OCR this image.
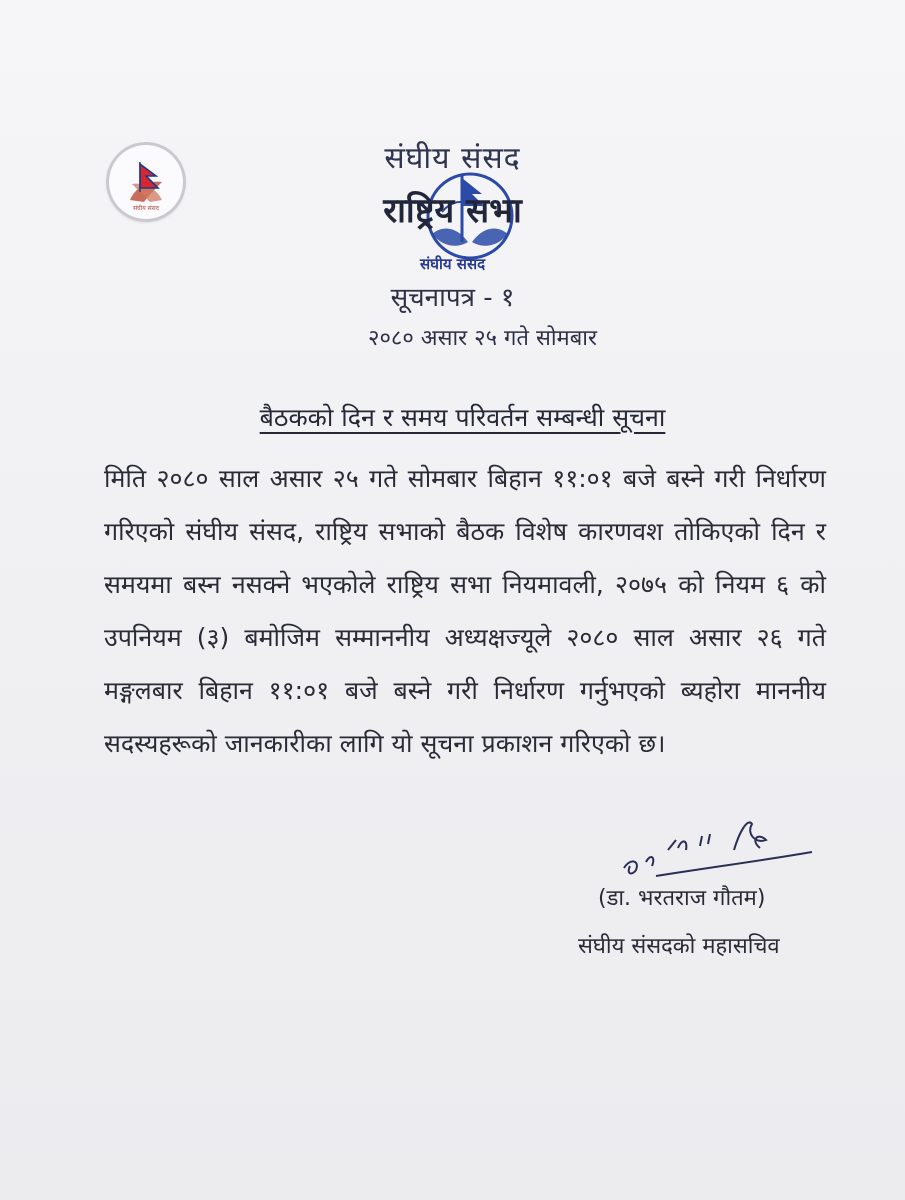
संघीय संसद
संघीय संसद
राष्ट्रिय सभा
संघीय संसद
सूचनापत्र - १
२०८० असार २५ गते सोमबार
बैठकको दिन र समय परिवर्तन सम्बन्धी सूचना
मिति २०८० साल असार २५ गते सोमबार बिहान ११:०१ बजे बस्ने गरी निर्धारण गरिएको संघीय संसद, राष्ट्रिय सभाको बैठक विशेष कारणवश तोकिएको दिन र समयमा बस्न नसक्ने भएकोले राष्ट्रिय सभा नियमावली, २०७५ को नियम ६ को उपनियम (३) बमोजिम सम्माननीय अध्यक्षज्यूले २०८० साल असार २६ गते मङ्गलबार बिहान ११:०१ बजे बस्ने गरी निर्धारण गर्नुभएको ब्यहोरा माननीय सदस्यहरूको जानकारीका लागि यो सूचना प्रकाशन गरिएको छ।
(डा. भरतराज गौतम)
संघीय संसदको महासचिव
